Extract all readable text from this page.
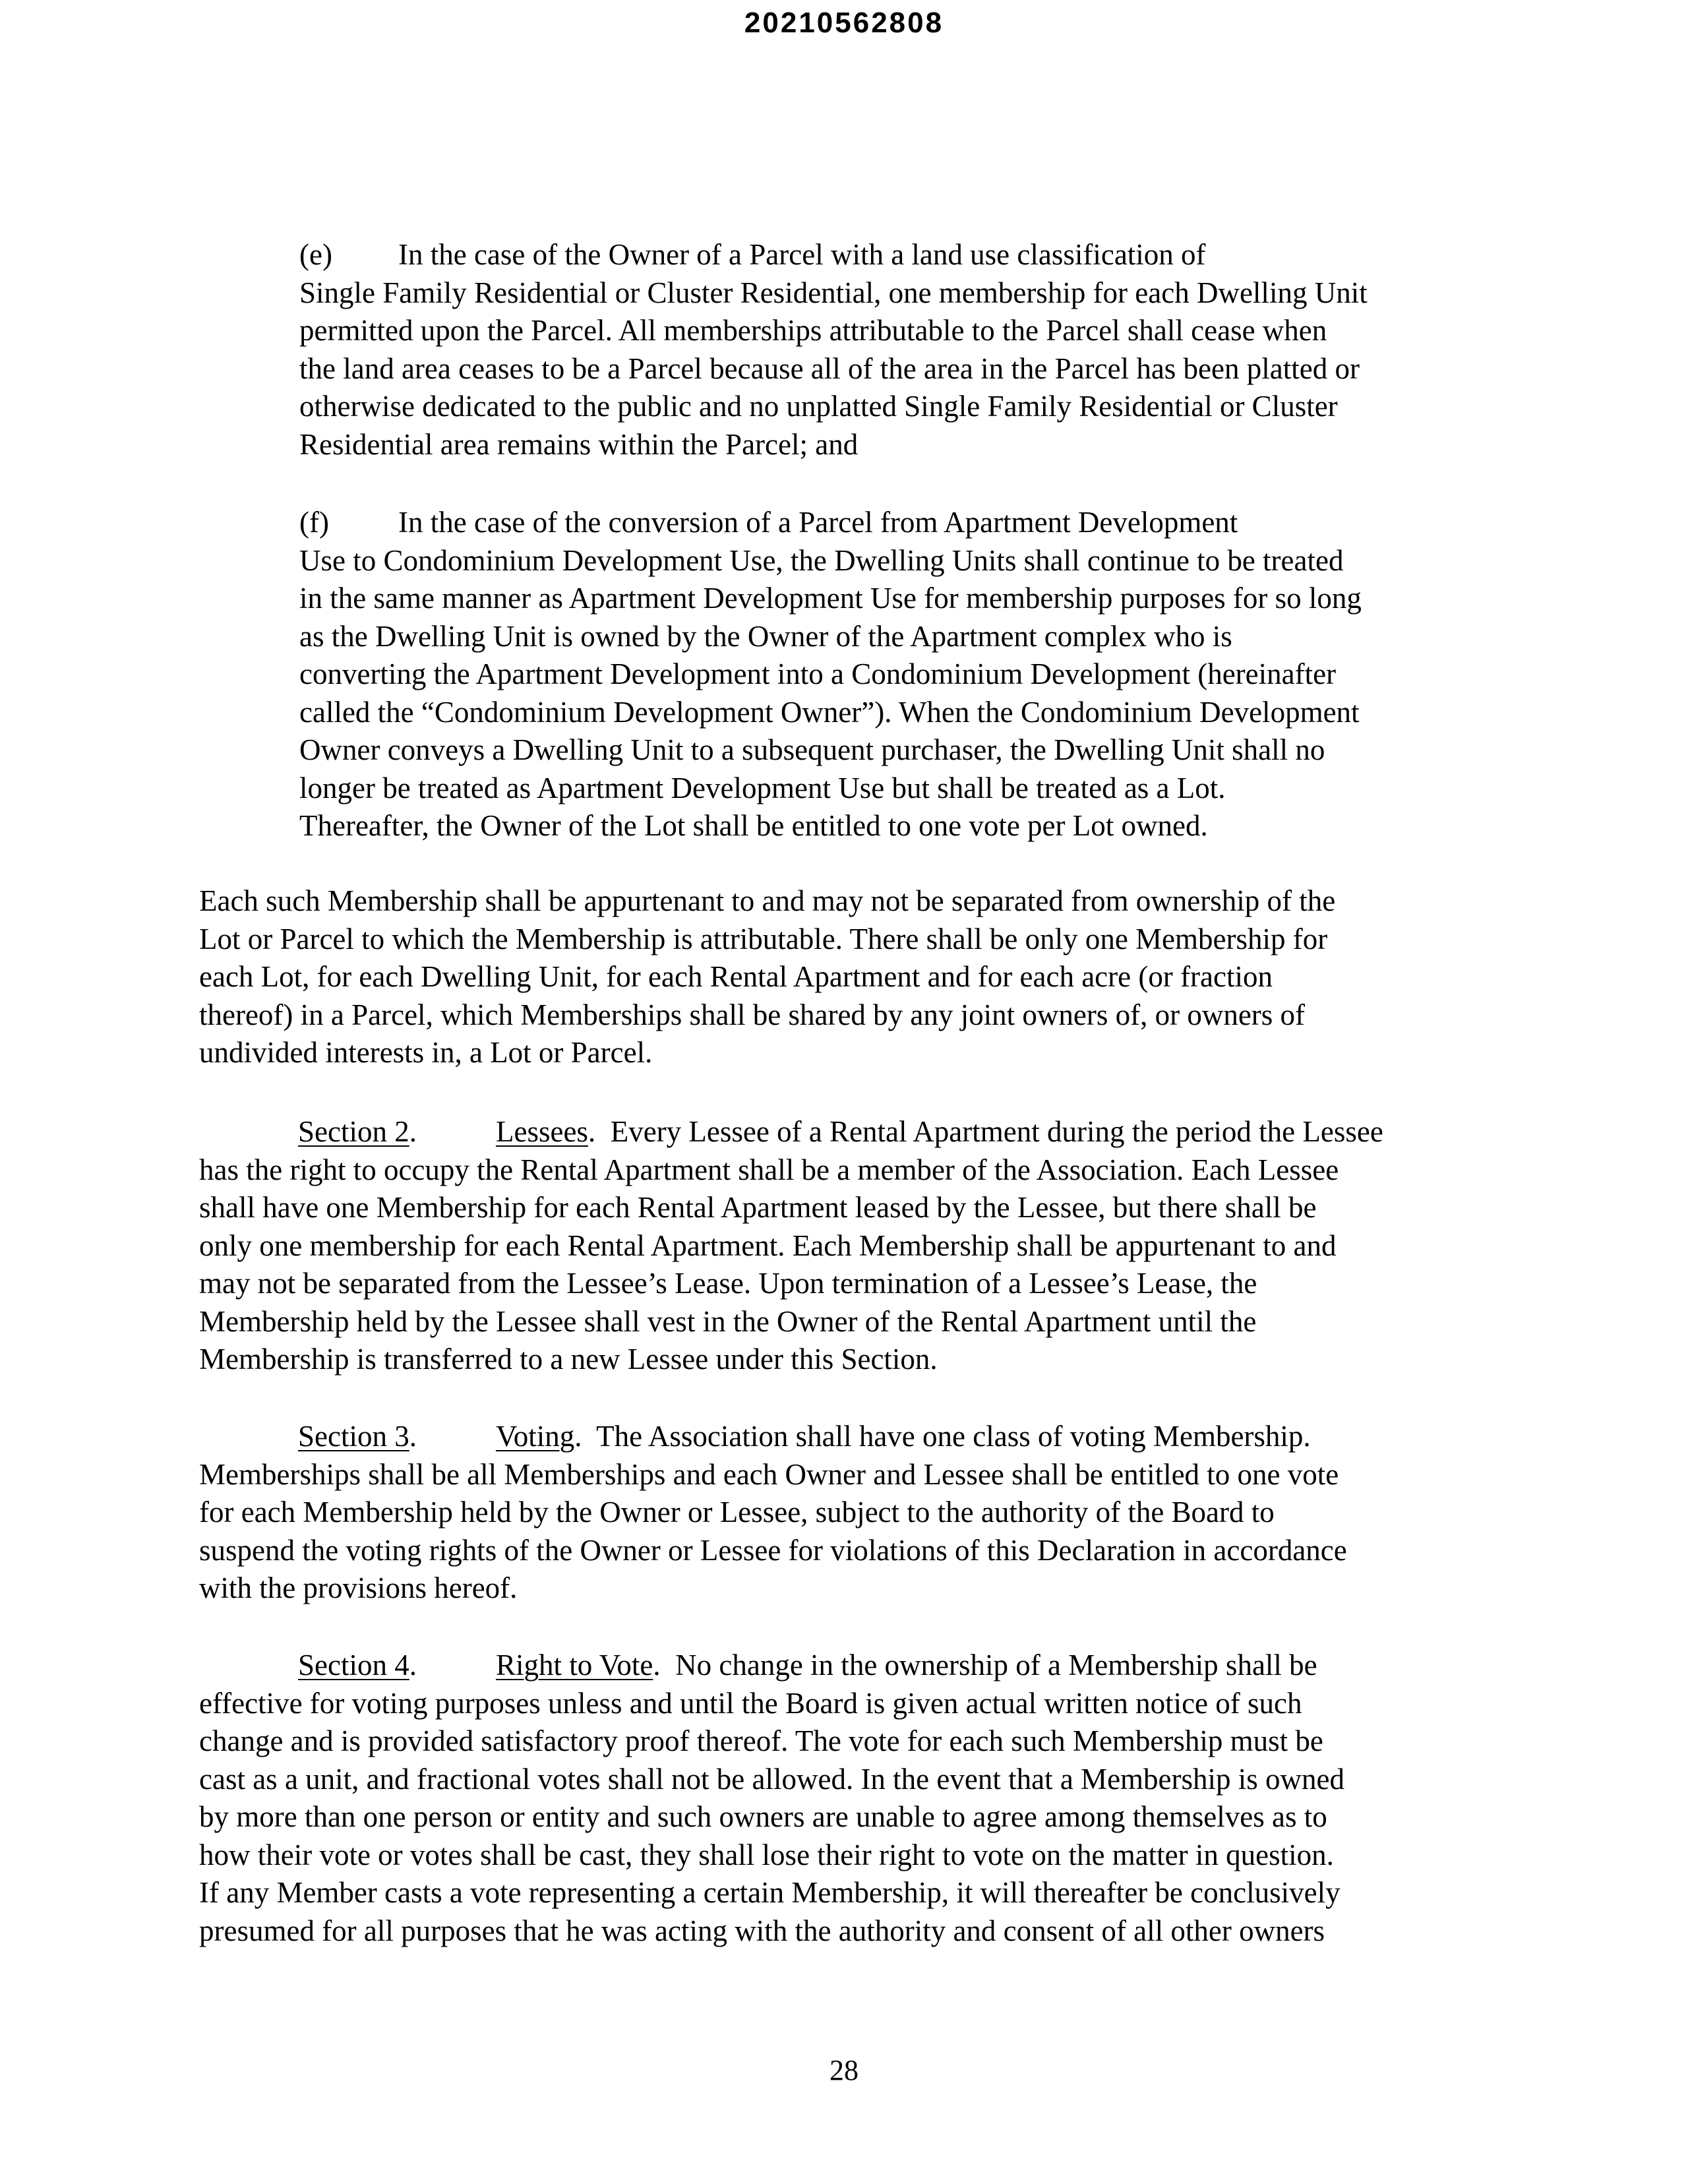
20210562808
(e) In the case of the Owner of a Parcel with a land use classification of
Single Family Residential or Cluster Residential, one membership for each Dwelling Unit
permitted upon the Parcel. All memberships attributable to the Parcel shall cease when
the land area ceases to be a Parcel because all of the area in the Parcel has been platted or
otherwise dedicated to the public and no unplatted Single Family Residential or Cluster
Residential area remains within the Parcel; and
(f) In the case of the conversion of a Parcel from Apartment Development
Use to Condominium Development Use, the Dwelling Units shall continue to be treated
in the same manner as Apartment Development Use for membership purposes for so long
as the Dwelling Unit is owned by the Owner of the Apartment complex who is
converting the Apartment Development into a Condominium Development (hereinafter
called the “Condominium Development Owner”). When the Condominium Development
Owner conveys a Dwelling Unit to a subsequent purchaser, the Dwelling Unit shall no
longer be treated as Apartment Development Use but shall be treated as a Lot.
Thereafter, the Owner of the Lot shall be entitled to one vote per Lot owned.
Each such Membership shall be appurtenant to and may not be separated from ownership of the
Lot or Parcel to which the Membership is attributable. There shall be only one Membership for
each Lot, for each Dwelling Unit, for each Rental Apartment and for each acre (or fraction
thereof) in a Parcel, which Memberships shall be shared by any joint owners of, or owners of
undivided interests in, a Lot or Parcel.
Section 2.	Lessees.  Every Lessee of a Rental Apartment during the period the Lessee
has the right to occupy the Rental Apartment shall be a member of the Association. Each Lessee
shall have one Membership for each Rental Apartment leased by the Lessee, but there shall be
only one membership for each Rental Apartment. Each Membership shall be appurtenant to and
may not be separated from the Lessee’s Lease. Upon termination of a Lessee’s Lease, the
Membership held by the Lessee shall vest in the Owner of the Rental Apartment until the
Membership is transferred to a new Lessee under this Section.
Section 3.	Voting.  The Association shall have one class of voting Membership.
Memberships shall be all Memberships and each Owner and Lessee shall be entitled to one vote
for each Membership held by the Owner or Lessee, subject to the authority of the Board to
suspend the voting rights of the Owner or Lessee for violations of this Declaration in accordance
with the provisions hereof.
Section 4.	Right to Vote.  No change in the ownership of a Membership shall be
effective for voting purposes unless and until the Board is given actual written notice of such
change and is provided satisfactory proof thereof. The vote for each such Membership must be
cast as a unit, and fractional votes shall not be allowed. In the event that a Membership is owned
by more than one person or entity and such owners are unable to agree among themselves as to
how their vote or votes shall be cast, they shall lose their right to vote on the matter in question.
If any Member casts a vote representing a certain Membership, it will thereafter be conclusively
presumed for all purposes that he was acting with the authority and consent of all other owners
28
